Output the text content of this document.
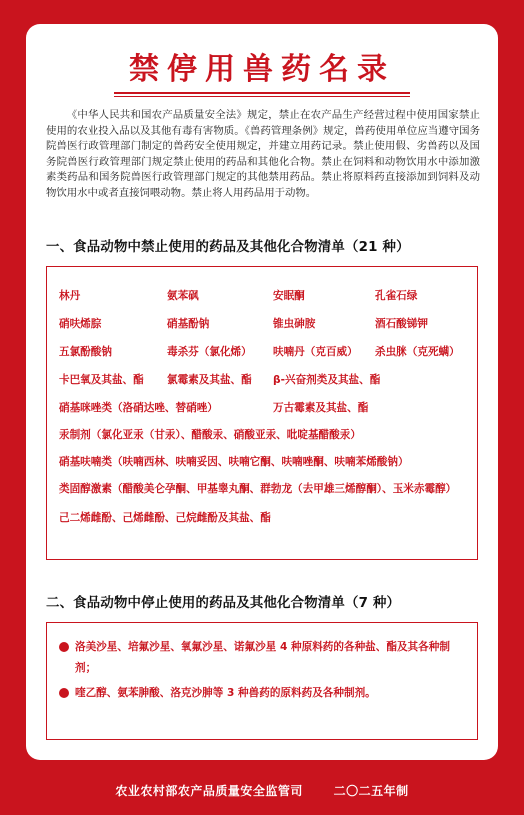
禁停用兽药名录

《中华人民共和国农产品质量安全法》规定，禁止在农产品生产经营过程中使用国家禁止使用的农业投入品以及其他有毒有害物质。《兽药管理条例》规定，兽药使用单位应当遵守国务院兽医行政管理部门制定的兽药安全使用规定，并建立用药记录。禁止使用假、劣兽药以及国务院兽医行政管理部门规定禁止使用的药品和其他化合物。禁止在饲料和动物饮用水中添加激素类药品和国务院兽医行政管理部门规定的其他禁用药品。禁止将原料药直接添加到饲料及动物饮用水中或者直接饲喂动物。禁止将人用药品用于动物。

一、食品动物中禁止使用的药品及其他化合物清单（21 种）
林丹	氨苯砜	安眠酮	孔雀石绿
硝呋烯腙	硝基酚钠	锥虫砷胺	酒石酸锑钾
五氯酚酸钠	毒杀芬（氯化烯）	呋喃丹（克百威）	杀虫脒（克死螨）
卡巴氧及其盐、酯	氯霉素及其盐、酯	β-兴奋剂类及其盐、酯
硝基咪唑类（洛硝达唑、替硝唑）	万古霉素及其盐、酯
汞制剂（氯化亚汞（甘汞）、醋酸汞、硝酸亚汞、吡啶基醋酸汞）
硝基呋喃类（呋喃西林、呋喃妥因、呋喃它酮、呋喃唑酮、呋喃苯烯酸钠）
类固醇激素（醋酸美仑孕酮、甲基睾丸酮、群勃龙（去甲雄三烯醇酮）、玉米赤霉醇）
己二烯雌酚、己烯雌酚、己烷雌酚及其盐、酯
二、食品动物中停止使用的药品及其他化合物清单（7 种）
洛美沙星、培氟沙星、氧氟沙星、诺氟沙星 4 种原料药的各种盐、酯及其各种制剂；
喹乙醇、氨苯胂酸、洛克沙胂等 3 种兽药的原料药及各种制剂。
农业农村部农产品质量安全监管司	二〇二五年制
